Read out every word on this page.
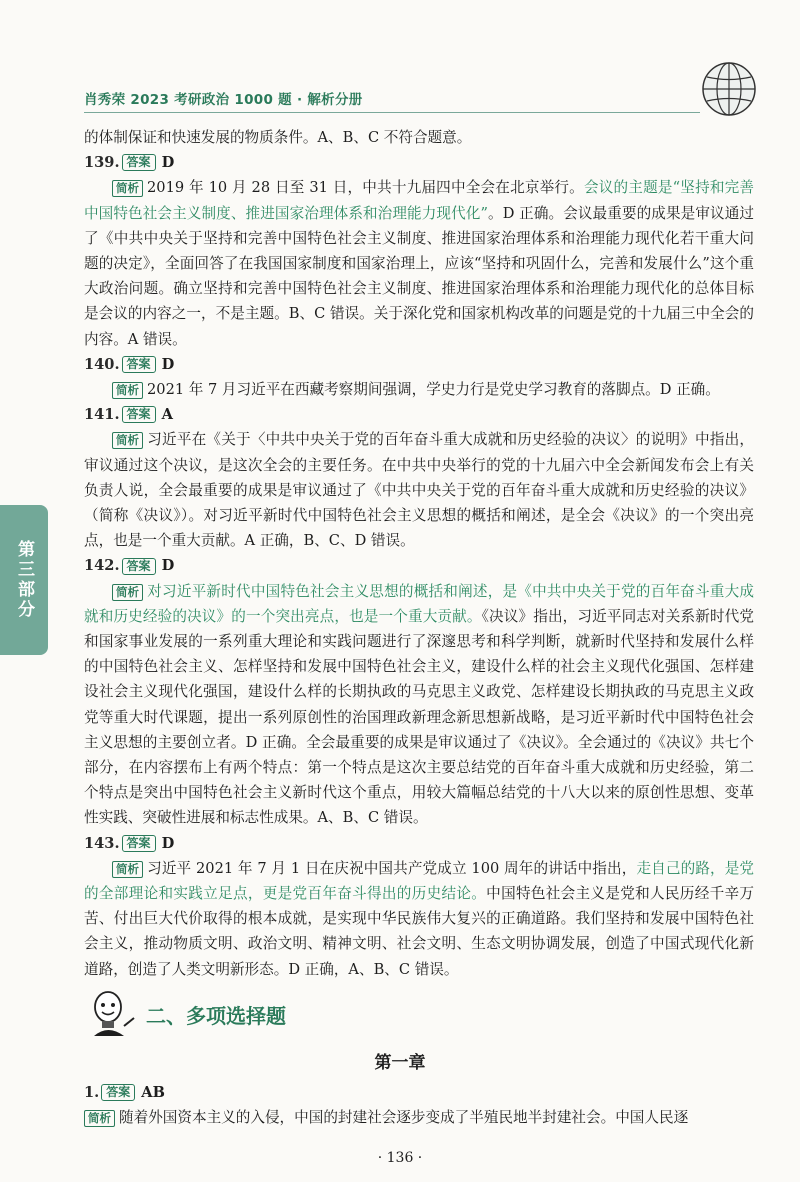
肖秀荣 2023 考研政治 1000 题 · 解析分册
第三部分

的体制保证和快速发展的物质条件。A、B、C 不符合题意。

139. 答案 D

简析 2019 年 10 月 28 日至 31 日，中共十九届四中全会在北京举行。会议的主题是“坚持和完善中国特色社会主义制度、推进国家治理体系和治理能力现代化”。D 正确。会议最重要的成果是审议通过了《中共中央关于坚持和完善中国特色社会主义制度、推进国家治理体系和治理能力现代化若干重大问题的决定》，全面回答了在我国国家制度和国家治理上，应该“坚持和巩固什么，完善和发展什么”这个重大政治问题。确立坚持和完善中国特色社会主义制度、推进国家治理体系和治理能力现代化的总体目标是会议的内容之一，不是主题。B、C 错误。关于深化党和国家机构改革的问题是党的十九届三中全会的内容。A 错误。

140. 答案 D

简析 2021 年 7 月习近平在西藏考察期间强调，学史力行是党史学习教育的落脚点。D 正确。

141. 答案 A

简析 习近平在《关于〈中共中央关于党的百年奋斗重大成就和历史经验的决议〉的说明》中指出，审议通过这个决议，是这次全会的主要任务。在中共中央举行的党的十九届六中全会新闻发布会上有关负责人说，全会最重要的成果是审议通过了《中共中央关于党的百年奋斗重大成就和历史经验的决议》（简称《决议》）。对习近平新时代中国特色社会主义思想的概括和阐述，是全会《决议》的一个突出亮点，也是一个重大贡献。A 正确，B、C、D 错误。

142. 答案 D

简析 对习近平新时代中国特色社会主义思想的概括和阐述，是《中共中央关于党的百年奋斗重大成就和历史经验的决议》的一个突出亮点，也是一个重大贡献。《决议》指出，习近平同志对关系新时代党和国家事业发展的一系列重大理论和实践问题进行了深邃思考和科学判断，就新时代坚持和发展什么样的中国特色社会主义、怎样坚持和发展中国特色社会主义，建设什么样的社会主义现代化强国、怎样建设社会主义现代化强国，建设什么样的长期执政的马克思主义政党、怎样建设长期执政的马克思主义政党等重大时代课题，提出一系列原创性的治国理政新理念新思想新战略，是习近平新时代中国特色社会主义思想的主要创立者。D 正确。全会最重要的成果是审议通过了《决议》。全会通过的《决议》共七个部分，在内容摆布上有两个特点：第一个特点是这次主要总结党的百年奋斗重大成就和历史经验，第二个特点是突出中国特色社会主义新时代这个重点，用较大篇幅总结党的十八大以来的原创性思想、变革性实践、突破性进展和标志性成果。A、B、C 错误。

143. 答案 D

简析 习近平 2021 年 7 月 1 日在庆祝中国共产党成立 100 周年的讲话中指出，走自己的路，是党的全部理论和实践立足点，更是党百年奋斗得出的历史结论。中国特色社会主义是党和人民历经千辛万苦、付出巨大代价取得的根本成就，是实现中华民族伟大复兴的正确道路。我们坚持和发展中国特色社会主义，推动物质文明、政治文明、精神文明、社会文明、生态文明协调发展，创造了中国式现代化新道路，创造了人类文明新形态。D 正确，A、B、C 错误。

二、多项选择题
第一章
1. 答案 AB

简析 随着外国资本主义的入侵，中国的封建社会逐步变成了半殖民地半封建社会。中国人民逐

· 136 ·
